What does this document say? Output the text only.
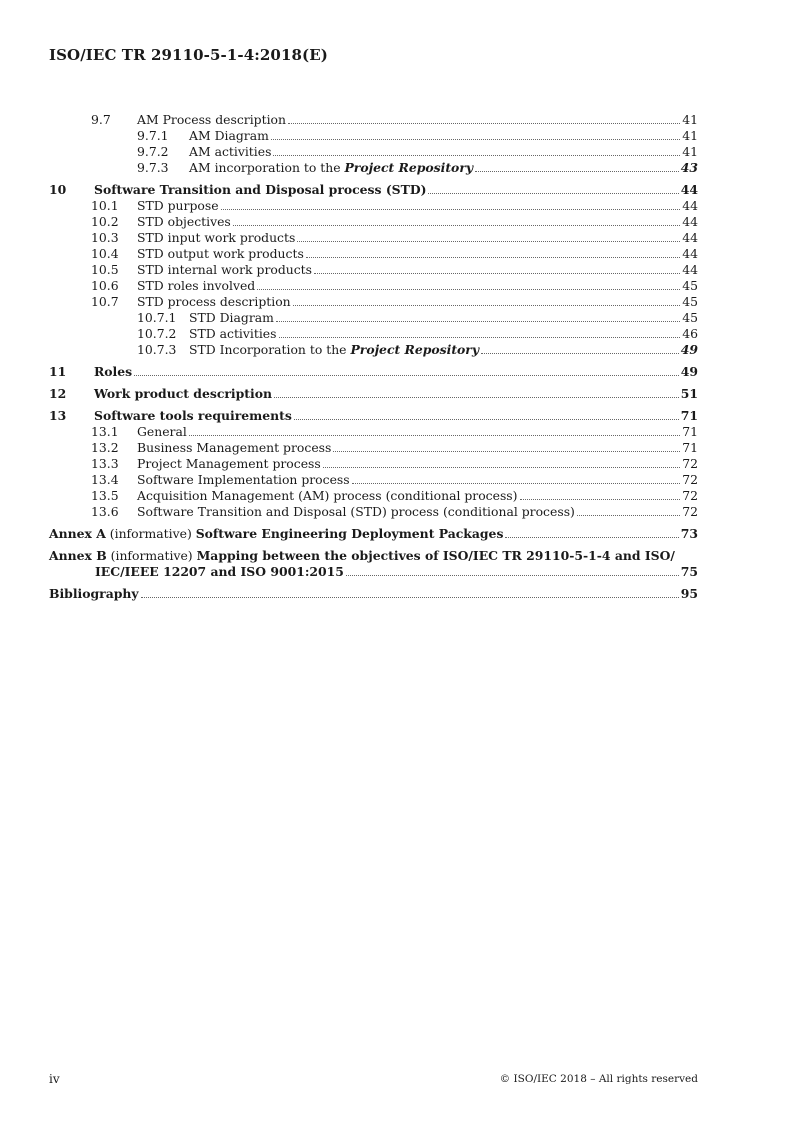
ISO/IEC TR 29110-5-1-4:2018(E)
9.7	AM Process description	41
9.7.1	AM Diagram	41
9.7.2	AM activities	41
9.7.3	AM incorporation to the Project Repository	43
10	Software Transition and Disposal process (STD)	44
10.1	STD purpose	44
10.2	STD objectives	44
10.3	STD input work products	44
10.4	STD output work products	44
10.5	STD internal work products	44
10.6	STD roles involved	45
10.7	STD process description	45
10.7.1	STD Diagram	45
10.7.2	STD activities	46
10.7.3	STD Incorporation to the Project Repository	49
11	Roles	49
12	Work product description	51
13	Software tools requirements	71
13.1	General	71
13.2	Business Management process	71
13.3	Project Management process	72
13.4	Software Implementation process	72
13.5	Acquisition Management (AM) process (conditional process)	72
13.6	Software Transition and Disposal (STD) process (conditional process)	72
Annex A (informative) Software Engineering Deployment Packages	73
Annex B (informative) Mapping between the objectives of ISO/IEC TR 29110-5-1-4 and ISO/
IEC/IEEE 12207 and ISO 9001:2015	75
Bibliography	95
iv	© ISO/IEC 2018 – All rights reserved
